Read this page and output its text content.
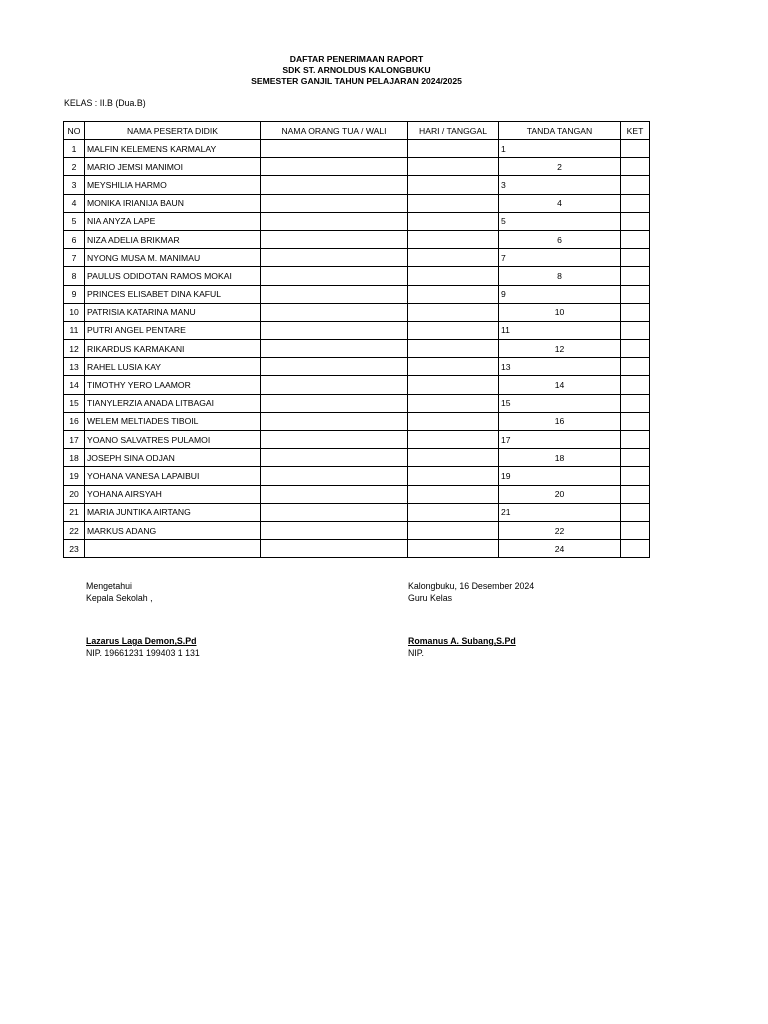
DAFTAR PENERIMAAN RAPORT
SDK ST. ARNOLDUS KALONGBUKU
SEMESTER GANJIL TAHUN PELAJARAN 2024/2025
KELAS : II.B (Dua.B)
NO	NAMA PESERTA DIDIK	NAMA ORANG TUA / WALI	HARI / TANGGAL	TANDA TANGAN	KET
1	MALFIN KELEMENS KARMALAY			1	
2	MARIO JEMSI MANIMOI			2	
3	MEYSHILIA HARMO			3	
4	MONIKA IRIANIJA BAUN			4	
5	NIA ANYZA LAPE			5	
6	NIZA ADELIA BRIKMAR			6	
7	NYONG MUSA M. MANIMAU			7	
8	PAULUS ODIDOTAN RAMOS MOKAI			8	
9	PRINCES ELISABET DINA KAFUL			9	
10	PATRISIA KATARINA MANU			10	
11	PUTRI ANGEL PENTARE			11	
12	RIKARDUS KARMAKANI			12	
13	RAHEL LUSIA KAY			13	
14	TIMOTHY YERO LAAMOR			14	
15	TIANYLERZIA ANADA LITBAGAI			15	
16	WELEM MELTIADES TIBOIL			16	
17	YOANO SALVATRES PULAMOI			17	
18	JOSEPH SINA ODJAN			18	
19	YOHANA VANESA LAPAIBUI			19	
20	YOHANA AIRSYAH			20	
21	MARIA JUNTIKA AIRTANG			21	
22	MARKUS ADANG			22	
23				24	
Mengetahui
Kepala Sekolah ,
Lazarus Laga Demon,S.Pd
NIP. 19661231 199403 1 131
Kalongbuku, 16 Desember 2024
Guru Kelas
Romanus A. Subang,S.Pd
NIP.
